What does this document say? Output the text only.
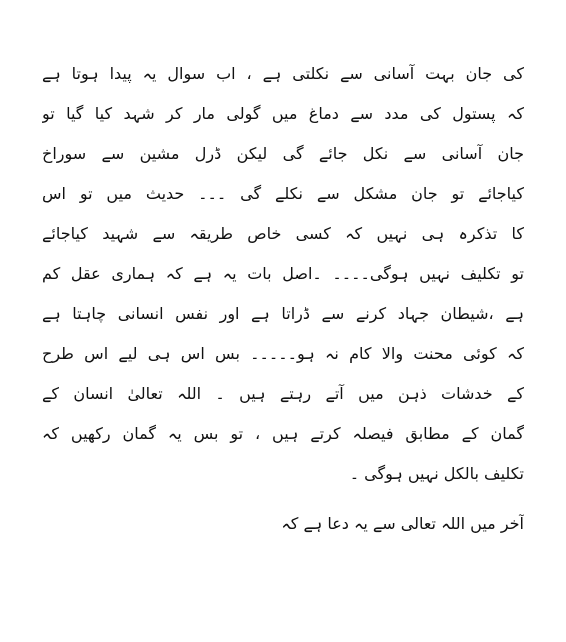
کی جان بہت آسانی سے نکلتی ہے ، اب سوال یہ پیدا ہوتا ہے
کہ پستول کی مدد سے دماغ میں گولی مار کر شہد کیا گیا تو
جان آسانی سے نکل جائے گی لیکن ڈرل مشین سے سوراخ
کیاجائے تو جان مشکل سے نکلے گی ۔۔۔ حدیث میں تو اس
کا تذکرہ ہی نہیں کہ کسی خاص طریقہ سے شہید کیاجائے
تو تکلیف نہیں ہوگی۔۔۔۔ ۔اصل بات یہ ہے کہ ہماری عقل کم
ہے ،شیطان جہاد کرنے سے ڈراتا ہے اور نفس انسانی چاہتا ہے
کہ کوئی محنت والا کام نہ ہو۔۔۔۔۔ بس اس ہی لیے اس طرح
کے خدشات ذہن میں آتے رہتے ہیں ۔ اللہ تعالیٰ انسان کے
گمان کے مطابق فیصلہ کرتے ہیں ، تو بس یہ گمان رکھیں کہ
تکلیف بالکل نہیں ہوگی ۔
آخر میں اللہ تعالی سے یہ دعا ہے کہ
